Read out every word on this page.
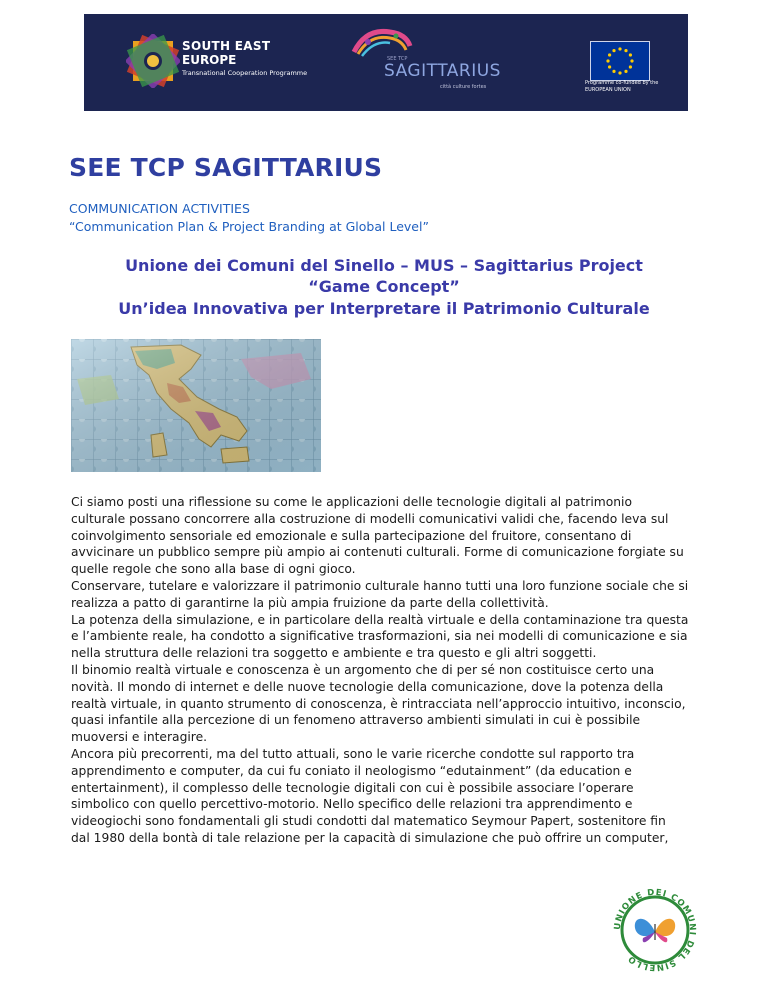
SOUTH EAST
EUROPE
Transnational Cooperation Programme
SEE TCP
SAGITTARIUS
città culture fortes
Programme co-funded by the
EUROPEAN UNION
SEE TCP SAGITTARIUS
COMMUNICATION ACTIVITIES
“Communication Plan & Project Branding at Global Level”
Unione dei Comuni del Sinello – MUS – Sagittarius Project
“Game Concept”
Un’idea Innovativa per Interpretare il Patrimonio Culturale

Ci siamo posti una riflessione su come le applicazioni delle tecnologie digitali al patrimonio

culturale possano concorrere alla costruzione di modelli comunicativi validi che, facendo leva sul

coinvolgimento sensoriale ed emozionale e sulla partecipazione del fruitore, consentano di

avvicinare un pubblico sempre più ampio ai contenuti culturali. Forme di comunicazione forgiate su

quelle regole che sono alla base di ogni gioco.

Conservare, tutelare e valorizzare il patrimonio culturale hanno tutti una loro funzione sociale che si

realizza a patto di garantirne la più ampia fruizione da parte della collettività.

La potenza della simulazione, e in particolare della realtà virtuale e della contaminazione tra questa

e l’ambiente reale, ha condotto a significative trasformazioni, sia nei modelli di comunicazione e sia

nella struttura delle relazioni tra soggetto e ambiente e tra questo e gli altri soggetti.

Il binomio realtà virtuale e conoscenza è un argomento che di per sé non costituisce certo una

novità. Il mondo di internet e delle nuove tecnologie della comunicazione, dove la potenza della

realtà virtuale, in quanto strumento di conoscenza, è rintracciata nell’approccio intuitivo, inconscio,

quasi infantile alla percezione di un fenomeno attraverso ambienti simulati in cui è possibile

muoversi e interagire.

Ancora più precorrenti, ma del tutto attuali, sono le varie ricerche condotte sul rapporto tra

apprendimento e computer, da cui fu coniato il neologismo “edutainment” (da education e

entertainment), il complesso delle tecnologie digitali con cui è possibile associare l’operare

simbolico con quello percettivo-motorio. Nello specifico delle relazioni tra apprendimento e

videogiochi sono fondamentali gli studi condotti dal matematico Seymour Papert, sostenitore fin

dal 1980 della bontà di tale relazione per la capacità di simulazione che può offrire un computer,

UNIONE DEI COMUNI DEL SINELLO
